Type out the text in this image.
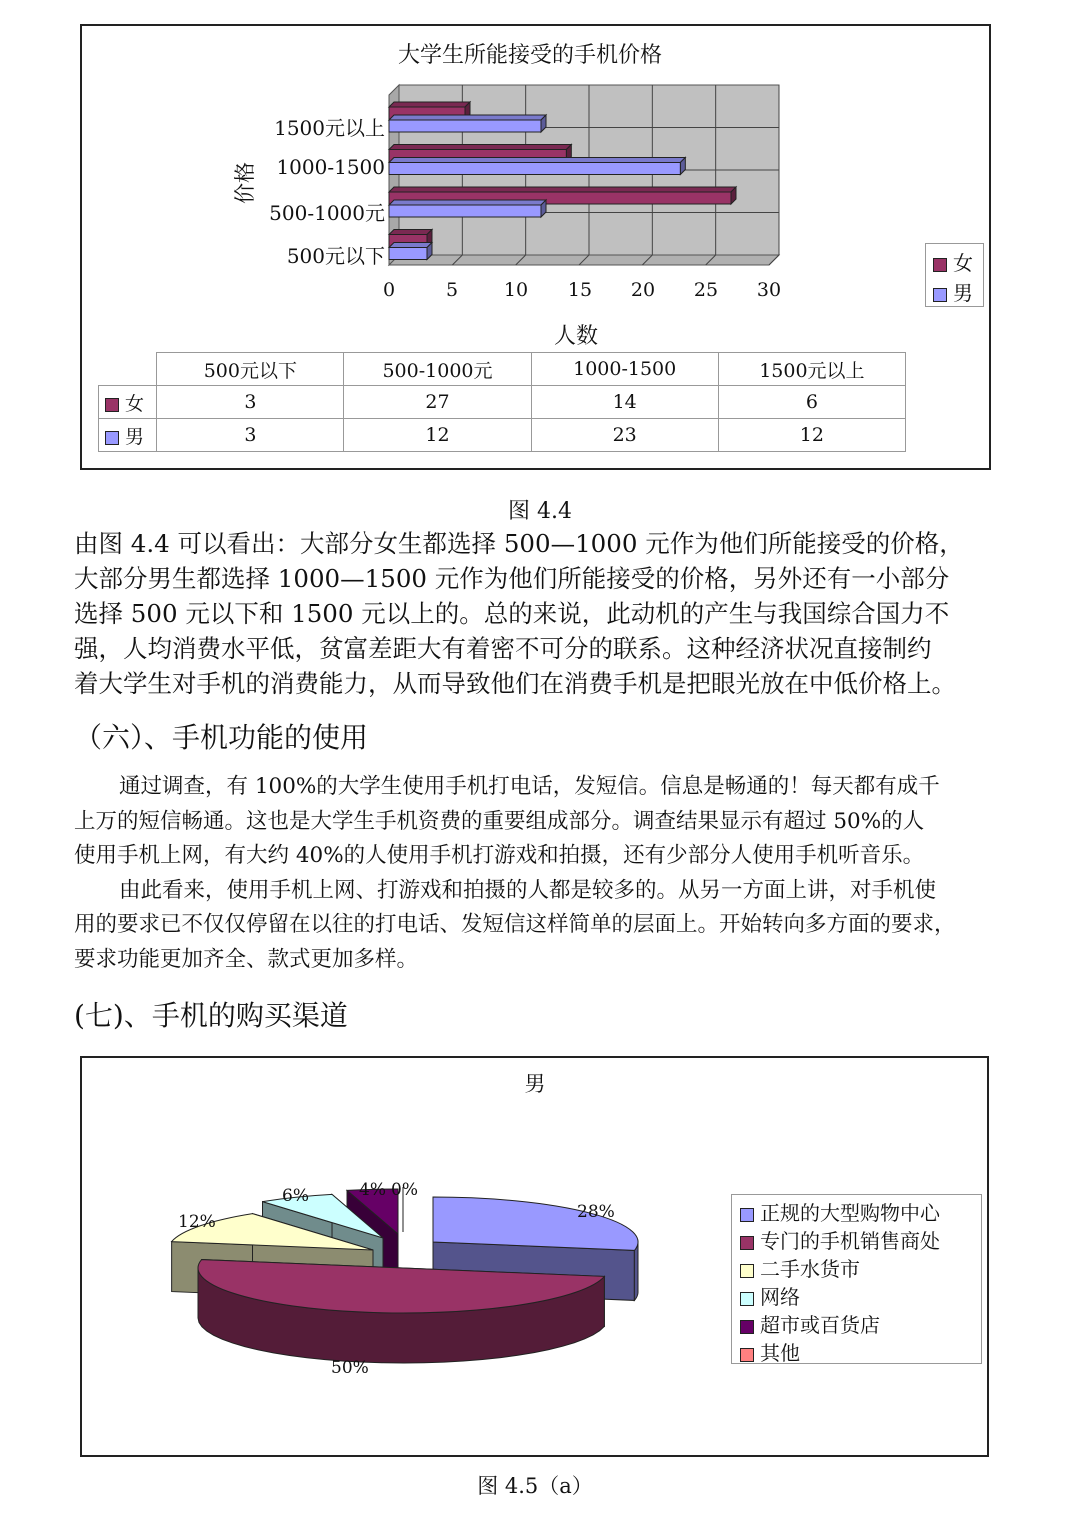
大学生所能接受的手机价格
价格
1500元以上
1000-1500
500-1000元
500元以下
0	5	10	15	20	25	30
人数
女
男
	500元以下	500-1000元	1000-1500	1500元以上
女	3	27	14	6
男	3	12	23	12
图 4.4
由图 4.4 可以看出：大部分女生都选择 500—1000 元作为他们所能接受的价格，
大部分男生都选择 1000—1500 元作为他们所能接受的价格，另外还有一小部分
选择 500 元以下和 1500 元以上的。总的来说，此动机的产生与我国综合国力不
强，人均消费水平低，贫富差距大有着密不可分的联系。这种经济状况直接制约
着大学生对手机的消费能力，从而导致他们在消费手机是把眼光放在中低价格上。
（六）、手机功能的使用
通过调查，有 100%的大学生使用手机打电话，发短信。信息是畅通的！每天都有成千
上万的短信畅通。这也是大学生手机资费的重要组成部分。调查结果显示有超过 50%的人
使用手机上网，有大约 40%的人使用手机打游戏和拍摄，还有少部分人使用手机听音乐。
由此看来，使用手机上网、打游戏和拍摄的人都是较多的。从另一方面上讲，对手机使
用的要求已不仅仅停留在以往的打电话、发短信这样简单的层面上。开始转向多方面的要求，
要求功能更加齐全、款式更加多样。
(七)、手机的购买渠道
男
28%
50%
12%
6%	4% 0%
正规的大型购物中心
专门的手机销售商处
二手水货市
网络
超市或百货店
其他
图 4.5（a）
